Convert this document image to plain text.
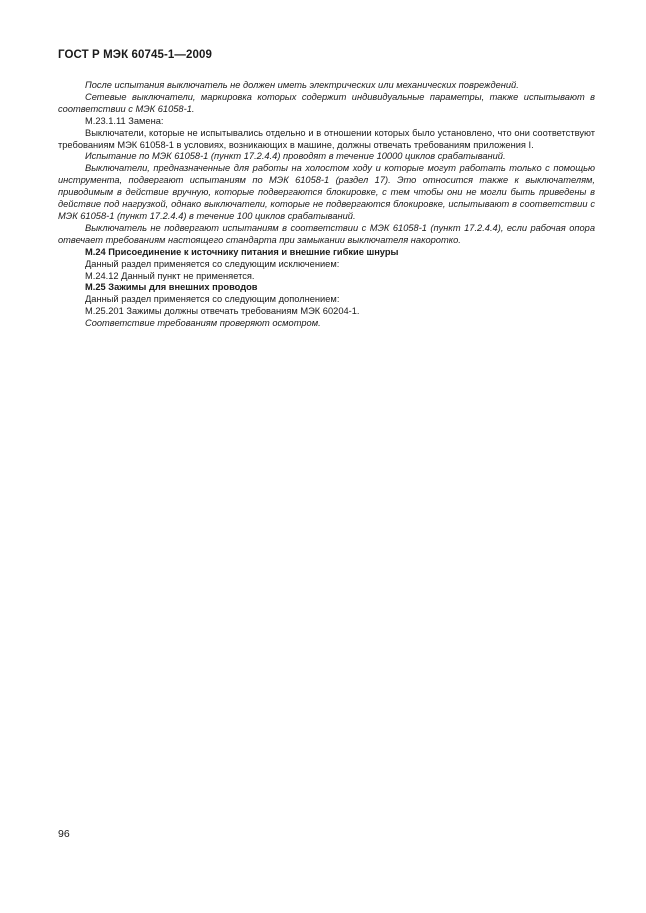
ГОСТ Р МЭК 60745-1—2009

После испытания выключатель не должен иметь электрических или механических повреждений.

Сетевые выключатели, маркировка которых содержит индивидуальные параметры, также испытывают в соответствии с МЭК 61058-1.

М.23.1.11 Замена:

Выключатели, которые не испытывались отдельно и в отношении которых было установлено, что они соответствуют требованиям МЭК 61058-1 в условиях, возникающих в машине, должны отвечать требованиям приложения I.

Испытание по МЭК 61058-1 (пункт 17.2.4.4) проводят в течение 10000 циклов срабатываний.

Выключатели, предназначенные для работы на холостом ходу и которые могут работать только с помощью инструмента, подвергают испытаниям по МЭК 61058-1 (раздел 17). Это относится также к выключателям, приводимым в действие вручную, которые подвергаются блокировке, с тем чтобы они не могли быть приведены в действие под нагрузкой, однако выключатели, которые не подвергаются блокировке, испытывают в соответствии с МЭК 61058-1 (пункт 17.2.4.4) в течение 100 циклов срабатываний.

Выключатель не подвергают испытаниям в соответствии с МЭК 61058-1 (пункт 17.2.4.4), если рабочая опора отвечает требованиям настоящего стандарта при замыкании выключателя накоротко.

М.24 Присоединение к источнику питания и внешние гибкие шнуры

Данный раздел применяется со следующим исключением:

М.24.12 Данный пункт не применяется.

М.25 Зажимы для внешних проводов

Данный раздел применяется со следующим дополнением:

М.25.201 Зажимы должны отвечать требованиям МЭК 60204-1.

Соответствие требованиям проверяют осмотром.

96
